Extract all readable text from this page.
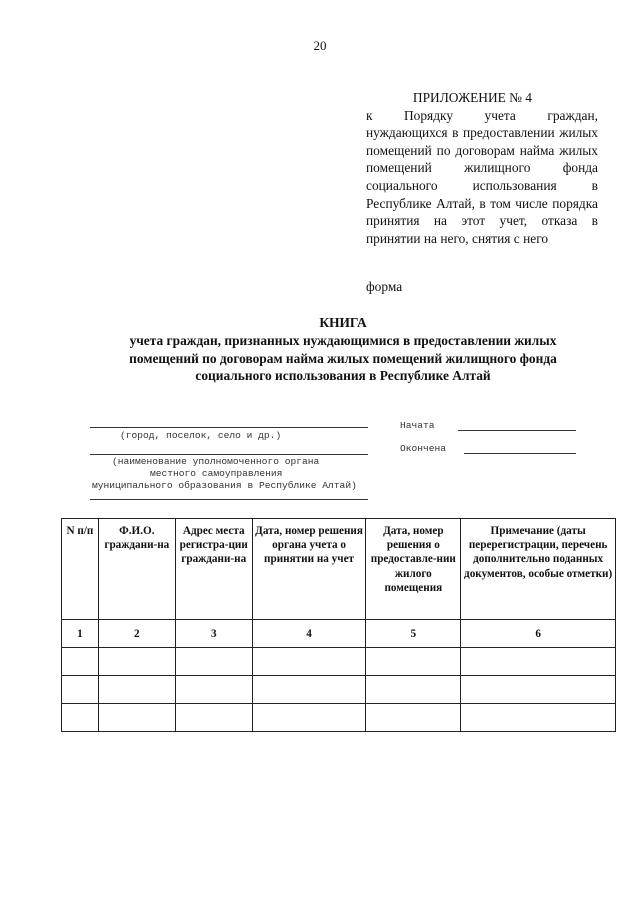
20
ПРИЛОЖЕНИЕ № 4
к Порядку учета граждан, нуждающихся в предоставлении жилых помещений по договорам найма жилых помещений жилищного фонда социального использования в Республике Алтай, в том числе порядка принятия на этот учет, отказа в принятии на него, снятия с него
форма
КНИГА
учета граждан, признанных нуждающимися в предоставлении жилых
помещений по договорам найма жилых помещений жилищного фонда
социального использования в Республике Алтай
(город, поселок, село и др.)
(наименование уполномоченного органа
местного самоуправления
муниципального образования в Республике Алтай)
Начата
Окончена
N п/п	Ф.И.О. граждани-на	Адрес места регистра-ции граждани-на	Дата, номер решения органа учета о принятии на учет	Дата, номер решения о предоставле-нии жилого помещения	Примечание (даты перерегистрации, перечень дополнительно поданных документов, особые отметки)
1	2	3	4	5	6
